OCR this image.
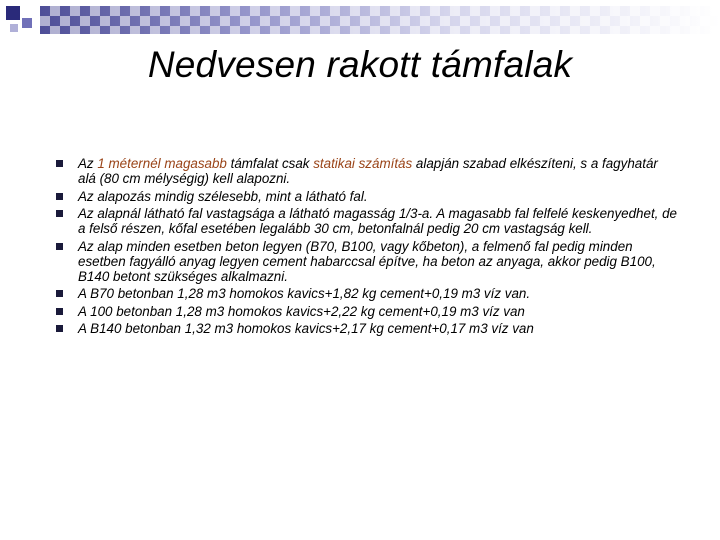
Nedvesen rakott támfalak
Az 1 méternél magasabb támfalat csak statikai számítás alapján szabad elkészíteni, s a fagyhatár alá (80 cm mélységig) kell alapozni.
Az alapozás mindig szélesebb, mint a látható fal.
Az alapnál látható fal vastagsága a látható magasság 1/3-a. A magasabb fal felfelé keskenyedhet, de a felső részen, kőfal esetében legalább 30 cm, betonfalnál pedig 20 cm vastagság kell.
Az alap minden esetben beton legyen (B70, B100, vagy kőbeton), a felmenő fal pedig minden esetben fagyálló anyag legyen cement habarccsal építve, ha beton az anyaga, akkor pedig B100, B140 betont szükséges alkalmazni.
A B70 betonban 1,28 m3 homokos kavics+1,82 kg cement+0,19 m3 víz van.
A 100 betonban 1,28 m3 homokos kavics+2,22 kg cement+0,19 m3 víz van
A B140 betonban 1,32 m3 homokos kavics+2,17 kg cement+0,17 m3 víz van
